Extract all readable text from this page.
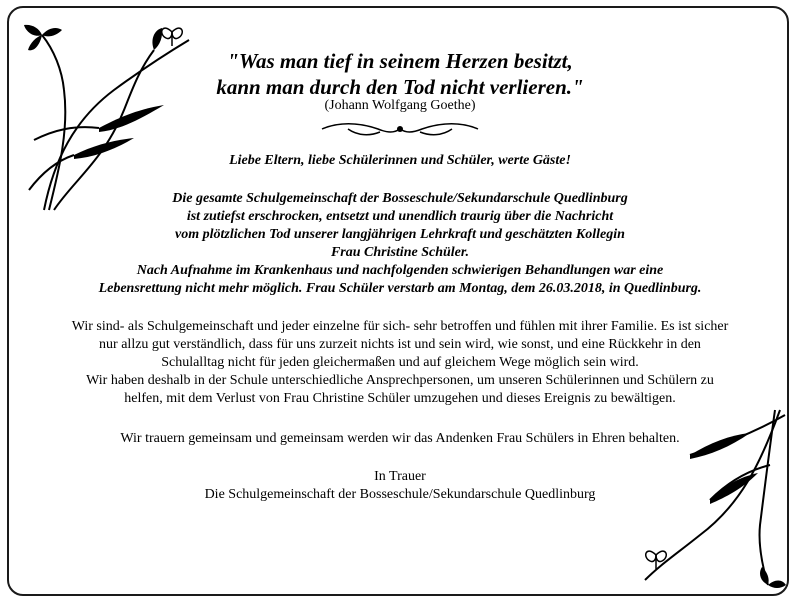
"Was man tief in seinem Herzen besitzt,
kann man durch den Tod nicht verlieren."
(Johann Wolfgang Goethe)
Liebe Eltern, liebe Schülerinnen und Schüler, werte Gäste!
Die gesamte Schulgemeinschaft der Bosseschule/Sekundarschule Quedlinburg
ist zutiefst erschrocken, entsetzt und unendlich traurig über die Nachricht
vom plötzlichen Tod unserer langjährigen Lehrkraft und geschätzten Kollegin
Frau Christine Schüler.
Nach Aufnahme im Krankenhaus und nachfolgenden schwierigen Behandlungen war eine
Lebensrettung nicht mehr möglich. Frau Schüler verstarb am Montag, dem 26.03.2018, in Quedlinburg.
Wir sind- als Schulgemeinschaft und jeder einzelne für sich- sehr betroffen und fühlen mit ihrer Familie. Es ist sicher
nur allzu gut verständlich, dass für uns zurzeit nichts ist und sein wird, wie sonst, und eine Rückkehr in den
Schulalltag nicht für jeden gleichermaßen und auf gleichem Wege möglich sein wird.
Wir haben deshalb in der Schule unterschiedliche Ansprechpersonen, um unseren Schülerinnen und Schülern zu
helfen, mit dem Verlust von Frau Christine Schüler umzugehen und dieses Ereignis zu bewältigen.
Wir trauern gemeinsam und gemeinsam werden wir das Andenken Frau Schülers in Ehren behalten.
In Trauer
Die Schulgemeinschaft der Bosseschule/Sekundarschule Quedlinburg
